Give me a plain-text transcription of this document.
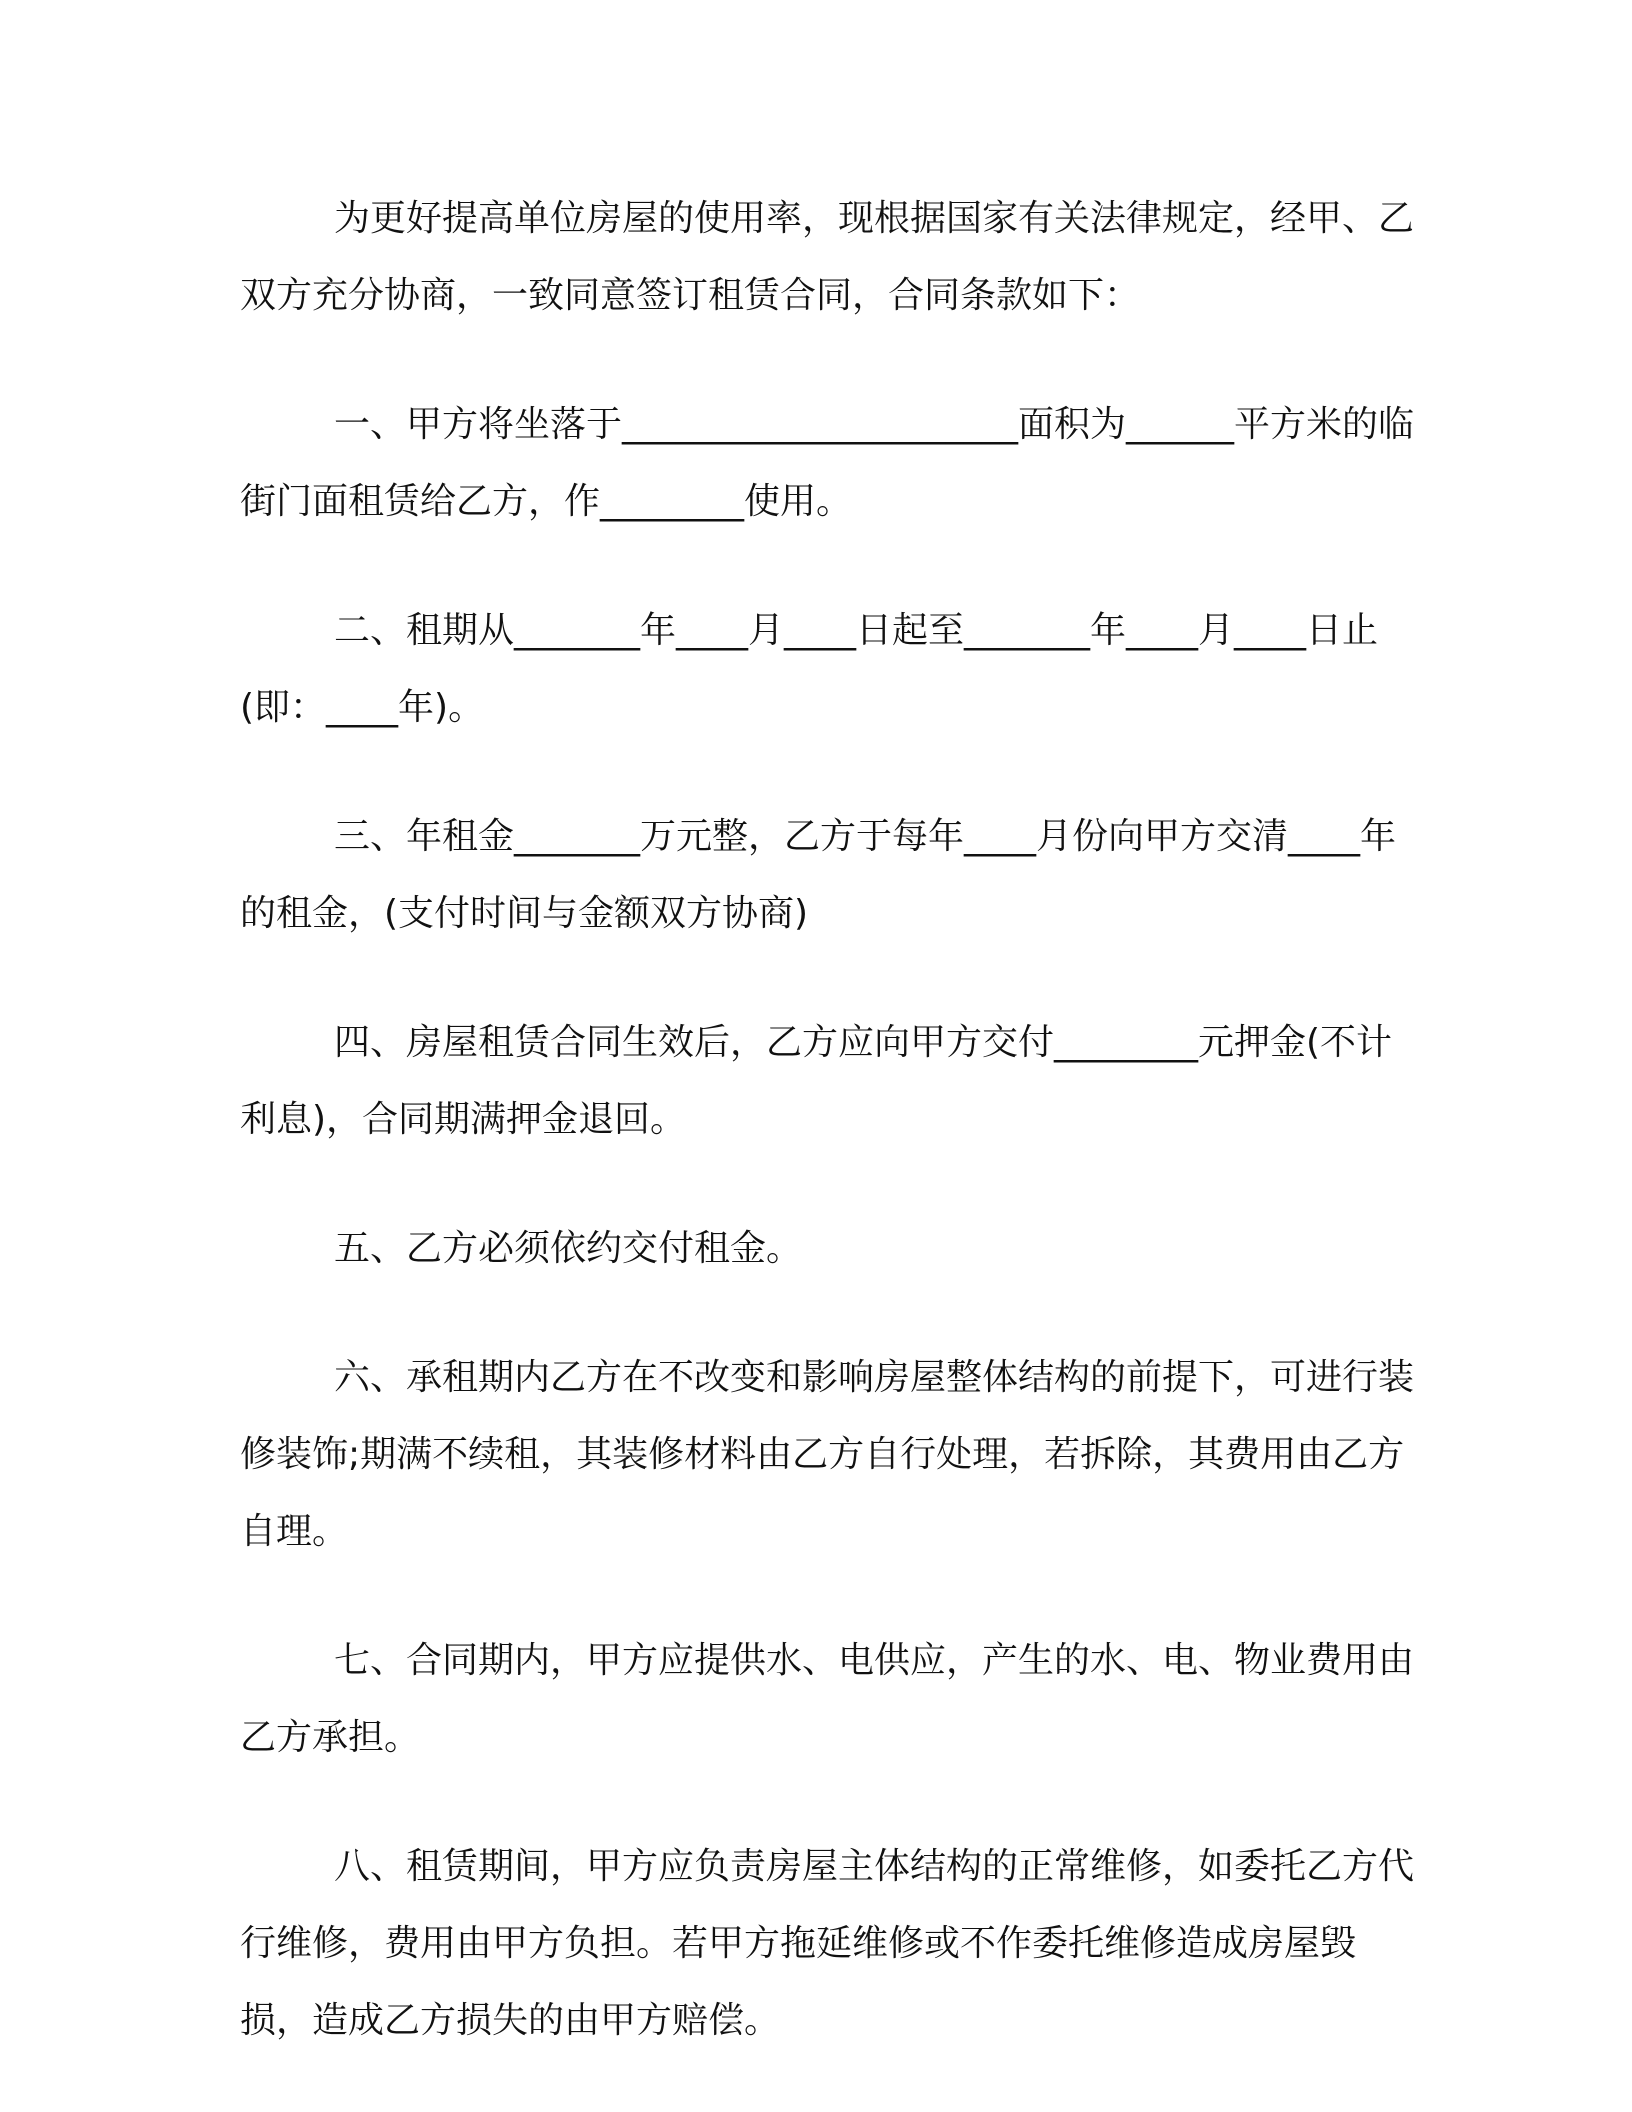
为更好提高单位房屋的使用率，现根据国家有关法律规定，经甲、乙双方充分协商，一致同意签订租赁合同，合同条款如下：

一、甲方将坐落于______________________面积为______平方米的临街门面租赁给乙方，作________使用。

二、租期从_______年____月____日起至_______年____月____日止(即：____年)。

三、年租金_______万元整，乙方于每年____月份向甲方交清____年的租金，(支付时间与金额双方协商)

四、房屋租赁合同生效后，乙方应向甲方交付________元押金(不计利息)，合同期满押金退回。

五、乙方必须依约交付租金。

六、承租期内乙方在不改变和影响房屋整体结构的前提下，可进行装修装饰;期满不续租，其装修材料由乙方自行处理，若拆除，其费用由乙方自理。

七、合同期内，甲方应提供水、电供应，产生的水、电、物业费用由乙方承担。

八、租赁期间，甲方应负责房屋主体结构的正常维修，如委托乙方代行维修，费用由甲方负担。若甲方拖延维修或不作委托维修造成房屋毁损，造成乙方损失的由甲方赔偿。
